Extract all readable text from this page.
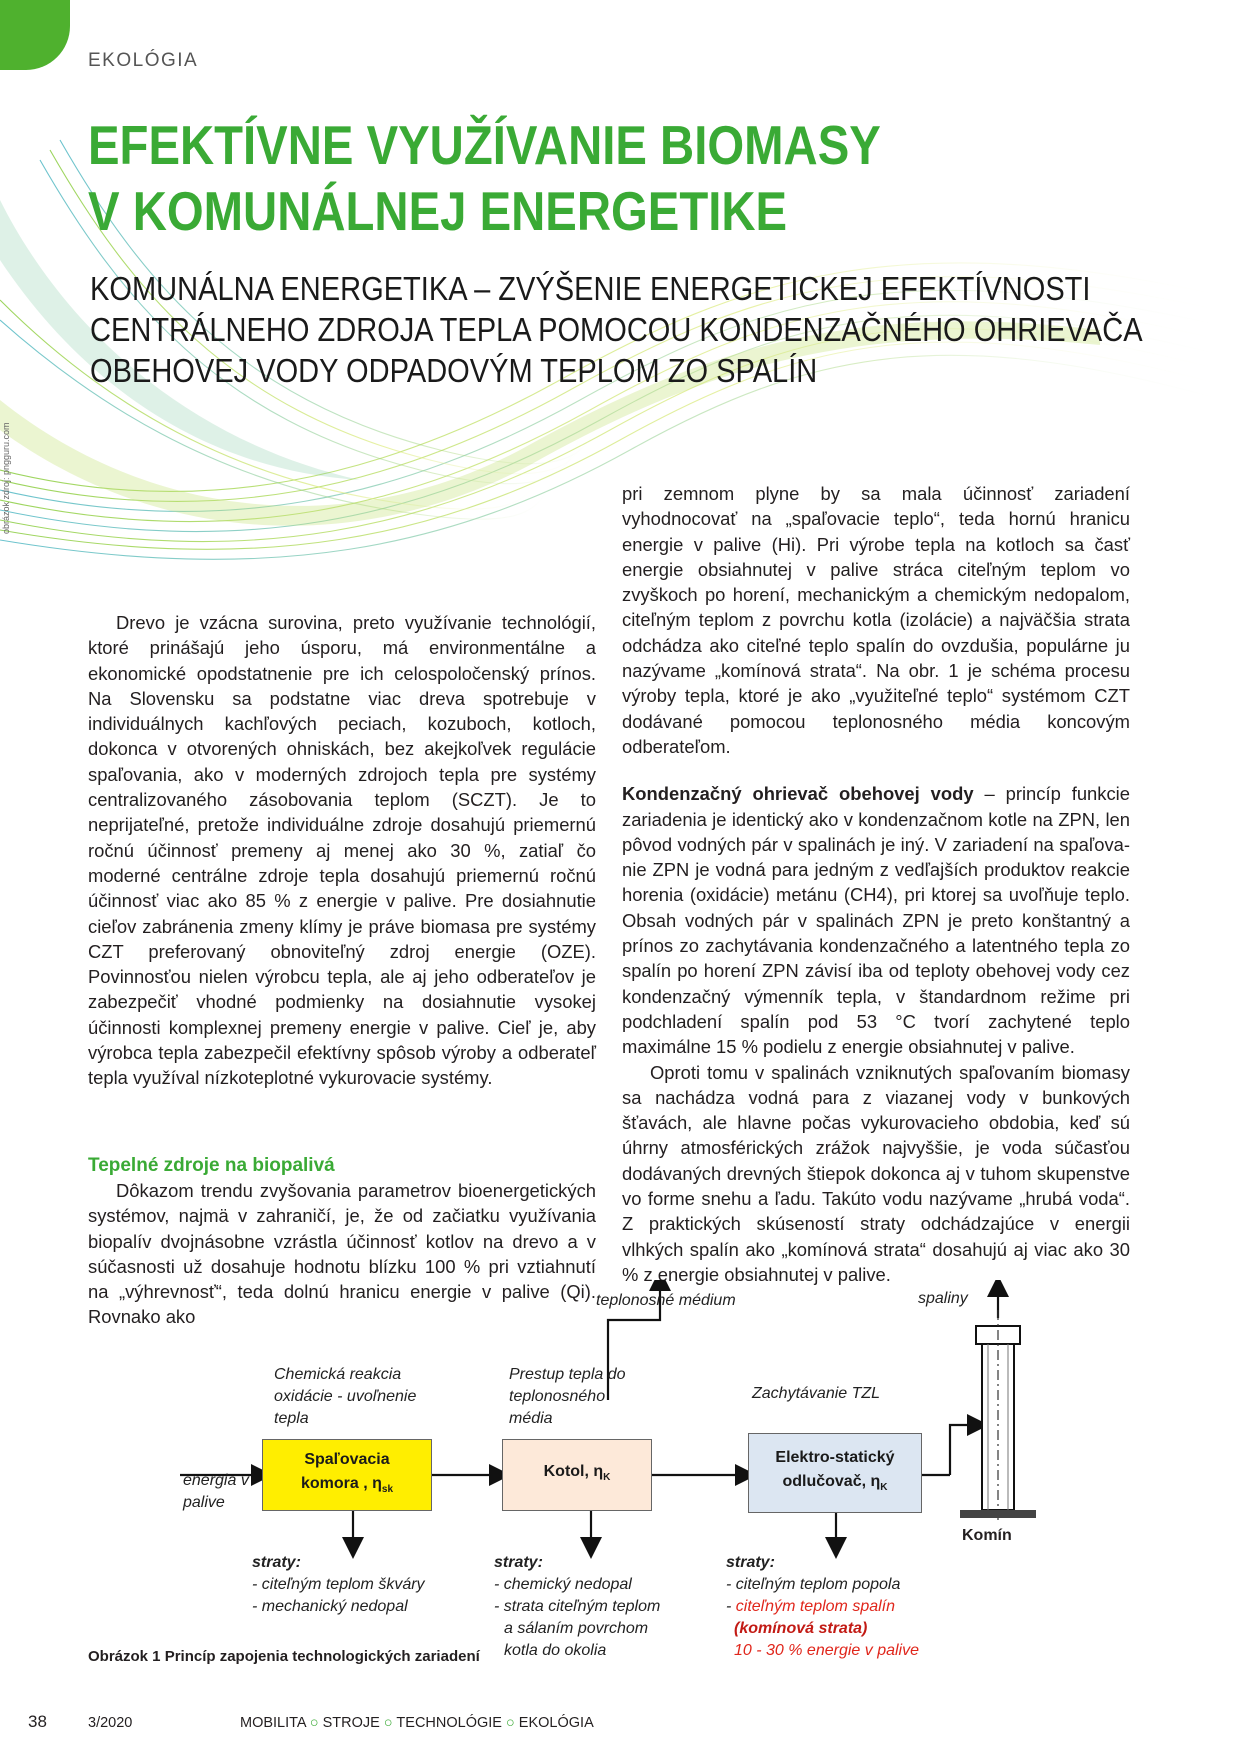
EKOLÓGIA
EFEKTÍVNE VYUŽÍVANIE BIOMASY
V KOMUNÁLNEJ ENERGETIKE
KOMUNÁLNA ENERGETIKA – ZVÝŠENIE ENERGETICKEJ EFEKTÍVNOSTI
CENTRÁLNEHO ZDROJA TEPLA POMOCOU KONDENZAČNÉHO OHRIEVAČA
OBEHOVEJ VODY ODPADOVÝM TEPLOM ZO SPALÍN
obrázok zdroj: pngguru.com

Drevo je vzácna surovina, preto využívanie technológií, ktoré prinášajú jeho úsporu, má environmentálne a ekonomické opodstatnenie pre ich celospoločenský prínos. Na Slovensku sa podstatne viac dreva spotrebuje v individuálnych kachľových peciach, kozuboch, kotloch, dokonca v otvorených ohniskách, bez akejkoľvek regulácie spaľovania, ako v moderných zdrojoch tepla pre systémy centralizovaného zásobovania teplom (SCZT). Je to neprijateľné, pretože individuálne zdroje dosahujú priemernú ročnú účinnosť premeny aj menej ako 30 %, zatiaľ čo moderné centrálne zdroje tepla dosahujú priemernú ročnú účinnosť viac ako 85 % z energie v palive. Pre dosiahnutie cieľov zabránenia zmeny klímy je práve biomasa pre systémy CZT preferovaný obnoviteľný zdroj energie (OZE). Povinnosťou nielen výrobcu tepla, ale aj jeho odberateľov je zabezpečiť vhodné podmienky na dosiahnutie vysokej účinnosti komplexnej premeny energie v palive. Cieľ je, aby výrobca tepla zabezpečil efektívny spôsob výroby a odberateľ tepla využíval nízkoteplotné vykurovacie systémy.

Tepelné zdroje na biopalivá

Dôkazom trendu zvyšovania parametrov bioenergetických systémov, najmä v zahraničí, je, že od začiatku využívania biopalív dvojnásobne vzrástla účinnosť kotlov na drevo a v súčasnosti už dosahuje hodnotu blízku 100 % pri vztiahnutí na „výhrevnosť“, teda dolnú hranicu energie v palive (Qi). Rovnako ako

pri zemnom plyne by sa mala účinnosť zariadení vyhodnocovať na „spaľovacie teplo“, teda hornú hranicu energie v palive (Hi). Pri výrobe tepla na kotloch sa časť energie obsiahnutej v palive stráca citeľným teplom vo zvyškoch po horení, mechanickým a chemickým nedopalom, citeľným teplom z povrchu kotla (izolácie) a najväčšia strata odchádza ako citeľné teplo spalín do ovzdušia, populárne ju nazývame „komínová strata“. Na obr. 1 je schéma procesu výroby tepla, ktoré je ako „využiteľné teplo“ systémom CZT dodávané pomocou teplonosného média koncovým odberateľom.

Kondenzačný ohrievač obehovej vody – princíp funkcie zariadenia je identický ako v kondenzačnom kotle na ZPN, len pôvod vodných pár v spalinách je iný. V zariadení na spaľovanie ZPN je vodná para jedným z vedľajších produktov reakcie horenia (oxidácie) metánu (CH4), pri ktorej sa uvoľňuje teplo. Obsah vodných pár v spalinách ZPN je preto konštantný a prínos zo zachytávania kondenzačného a latentného tepla zo spalín po horení ZPN závisí iba od teploty obehovej vody cez kondenzačný výmenník tepla, v štandardnom režime pri podchladení spalín pod 53 °C tvorí zachytené teplo maximálne 15 % podielu z energie obsiahnutej v palive.

Oproti tomu v spalinách vzniknutých spaľovaním biomasy sa nachádza vodná para z viazanej vody v bunkových šťavách, ale hlavne počas vykurovacieho obdobia, keď sú úhrny atmosférických zrážok najvyššie, je voda súčasťou dodávaných drevných štiepok dokonca aj v tuhom skupenstve vo forme snehu a ľadu. Takúto vodu nazývame „hrubá voda“. Z praktických skúseností straty odchádzajúce v energii vlhkých spalín ako „komínová strata“ dosahujú aj viac ako 30 % z energie obsiahnutej v palive.

teplonosné médium	spaliny
Chemická reakcia
oxidácie - uvoľnenie
tepla
Prestup tepla do
teplonosného
média
Zachytávanie TZL
energia v
palive
Spaľovacia
komora , $\eta_{sk}$
Kotol, $\eta_K$
Elektro-statický
odlučovač, $\eta_K$
Komín
straty:
- citeľným teplom škváry
- mechanický nedopal
straty:
- chemický nedopal
- strata citeľným teplom
a sálaním povrchom
kotla do okolia
straty:
- citeľným teplom popola
- citeľným teplom spalín
(komínová strata)
10 - 30 % energie v palive
Obrázok 1 Princíp zapojenia technologických zariadení
38	3/2020	MOBILITA ○ STROJE ○ TECHNOLÓGIE ○ EKOLÓGIA
